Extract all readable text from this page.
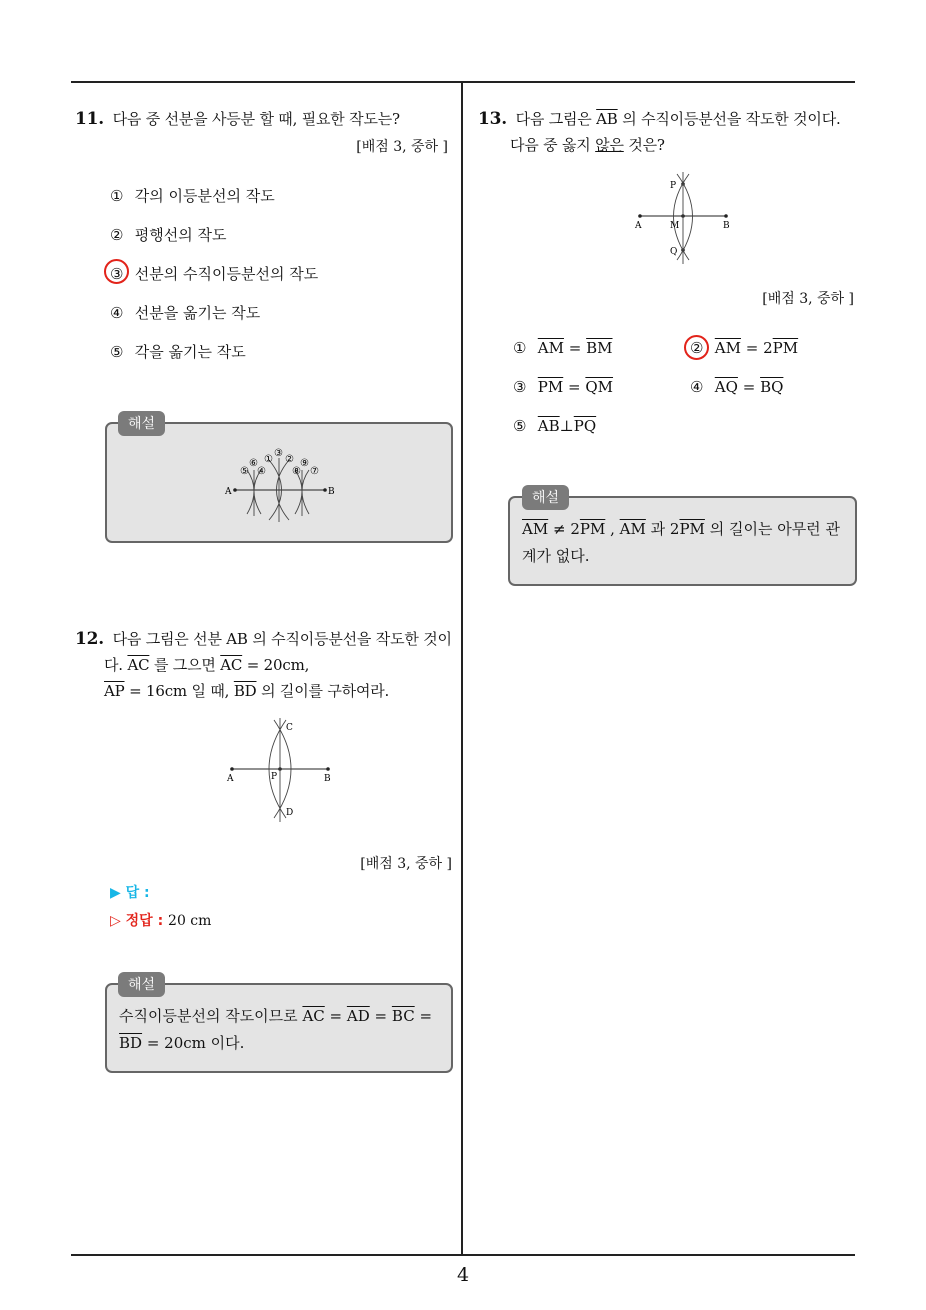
4
11. 다음 중 선분을 사등분 할 때, 필요한 작도는?
[배점 3, 중하 ]
① 각의 이등분선의 작도
② 평행선의 작도
③ 선분의 수직이등분선의 작도
④ 선분을 옮기는 작도
⑤ 각을 옮기는 작도
A	B
⑥ ①
③
② ⑨
⑤ ④	⑧ ⑦
해설
12. 다음 그림은 선분 AB 의 수직이등분선을 작도한 것이
다. $\overline{AC}$ 를 그으면 $\overline{AC} = 20cm$,
$\overline{AP} = 16cm$ 일 때, $\overline{BD}$ 의 길이를 구하여라.
A	B
C
D
P
[배점 3, 중하 ]
▶ 답 :
▷ 정답 : 20 cm
수직이등분선의 작도이므로 $\overline{AC} = \overline{AD} = \overline{BC}$ =
$\overline{BD} = 20cm$ 이다.
해설
13. 다음 그림은 $\overline{AB}$ 의 수직이등분선을 작도한 것이다.
다음 중 옳지 않은 것은?
A	B
M
P
Q
[배점 3, 중하 ]
① $\overline{AM} = \overline{BM}$	② $\overline{AM} = 2\overline{PM}$
③ $\overline{PM} = \overline{QM}$	④ $\overline{AQ} = \overline{BQ}$
⑤ $\overline{AB}\perp\overline{PQ}$
$\overline{AM} \ne 2\overline{PM}$ , $\overline{AM}$ 과 $2\overline{PM}$ 의 길이는 아무런 관
계가 없다.
해설
